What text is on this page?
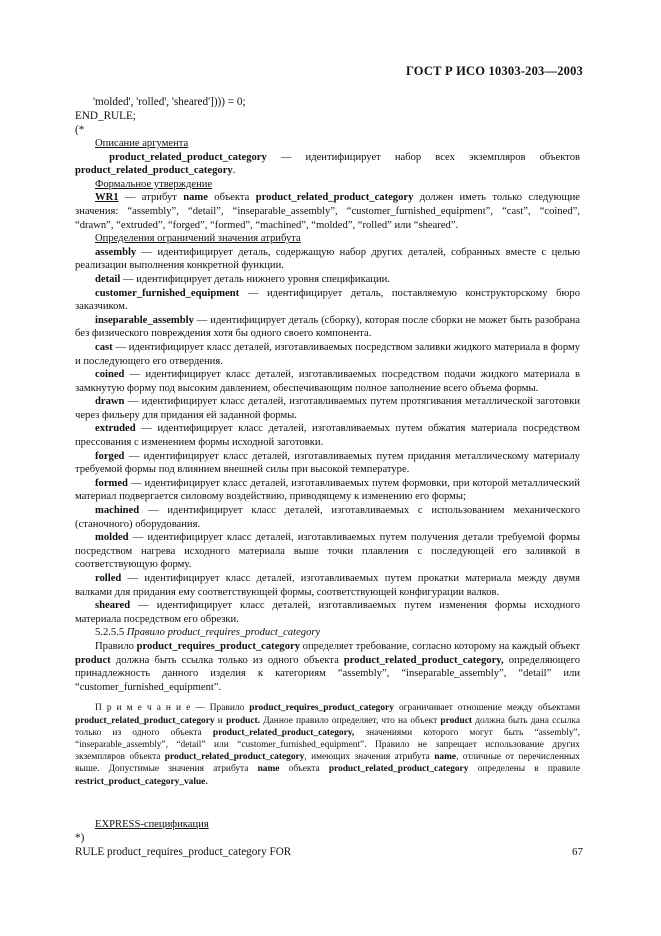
ГОСТ Р ИСО 10303-203—2003
'molded', 'rolled', 'sheared']))) = 0;
END_RULE;
(*
Описание аргумента
product_related_product_category — идентифицирует набор всех экземпляров объектов product_related_product_category.
Формальное утверждение
WR1 — атрибут name объекта product_related_product_category должен иметь только следующие значения: “assembly”, “detail”, “inseparable_assembly”, “customer_furnished_equipment”, “cast”, “coined”, “drawn”, “extruded”, “forged”, “formed”, “machined”, “molded”, “rolled” или “sheared”.
Определения ограничений значения атрибута
assembly — идентифицирует деталь, содержащую набор других деталей, собранных вместе с целью реализации выполнения конкретной функции.
detail — идентифицирует деталь нижнего уровня спецификации.
customer_furnished_equipment — идентифицирует деталь, поставляемую конструкторскому бюро заказчиком.
inseparable_assembly — идентифицирует деталь (сборку), которая после сборки не может быть разобрана без физического повреждения хотя бы одного своего компонента.
cast — идентифицирует класс деталей, изготавливаемых посредством заливки жидкого материала в форму и последующего его отвердения.
coined — идентифицирует класс деталей, изготавливаемых посредством подачи жидкого материала в замкнутую форму под высоким давлением, обеспечивающим полное заполнение всего объема формы.
drawn — идентифицирует класс деталей, изготавливаемых путем протягивания металлической заготовки через фильеру для придания ей заданной формы.
extruded — идентифицирует класс деталей, изготавливаемых путем обжатия материала посредством прессования с изменением формы исходной заготовки.
forged — идентифицирует класс деталей, изготавливаемых путем придания металлическому материалу требуемой формы под влиянием внешней силы при высокой температуре.
formed — идентифицирует класс деталей, изготавливаемых путем формовки, при которой металлический материал подвергается силовому воздействию, приводящему к изменению его формы;
machined — идентифицирует класс деталей, изготавливаемых с использованием механического (станочного) оборудования.
molded — идентифицирует класс деталей, изготавливаемых путем получения детали требуемой формы посредством нагрева исходного материала выше точки плавления с последующей его заливкой в соответствующую форму.
rolled — идентифицирует класс деталей, изготавливаемых путем прокатки материала между двумя валками для придания ему соответствующей формы, соответствующей конфигурации валков.
sheared — идентифицирует класс деталей, изготавливаемых путем изменения формы исходного материала посредством его обрезки.
5.2.5.5 Правило product_requires_product_category
Правило product_requires_product_category определяет требование, согласно которому на каждый объект product должна быть ссылка только из одного объекта product_related_product_category, определяющего принадлежность данного изделия к категориям “assembly”, “inseparable_assembly”, “detail” или “customer_furnished_equipment”.
П р и м е ч а н и е — Правило product_requires_product_category ограничивает отношение между объектами product_related_product_category и product. Данное правило определяет, что на объект product должна быть дана ссылка только из одного объекта product_related_product_category, значениями которого могут быть “assembly”, “inseparable_assembly”, “detail” или “customer_furnished_equipment”. Правило не запрещает использование других экземпляров объекта product_related_product_category, имеющих значения атрибута name, отличные от перечисленных выше. Допустимые значения атрибута name объекта product_related_product_category определены в правиле restrict_product_category_value.
EXPRESS-спецификация
*)
RULE product_requires_product_category FOR	67
